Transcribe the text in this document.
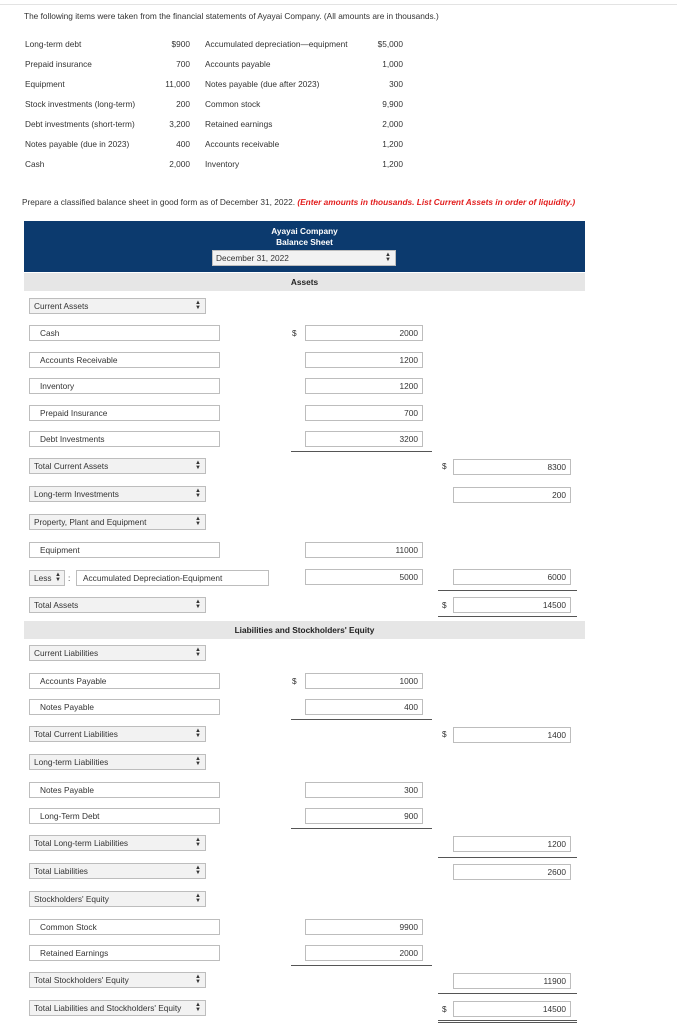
The following items were taken from the financial statements of Ayayai Company. (All amounts are in thousands.)
Long-term debt	$900 Accumulated depreciation—equipment	$5,000
Prepaid insurance	700 Accounts payable	1,000
Equipment	11,000 Notes payable (due after 2023)	300
Stock investments (long-term)	200 Common stock	9,900
Debt investments (short-term)	3,200 Retained earnings	2,000
Notes payable (due in 2023)	400 Accounts receivable	1,200
Cash	2,000 Inventory	1,200
Prepare a classified balance sheet in good form as of December 31, 2022. (Enter amounts in thousands. List Current Assets in order of liquidity.)
Ayayai Company
Balance Sheet
December 31, 2022	▲
▼
Assets
Current Assets	▲
▼
Cash	$	2000
Accounts Receivable	1200
Inventory	1200
Prepaid Insurance	700
Debt Investments	3200
Total Current Assets	▲
▼	$	8300
Long-term Investments	▲
▼	200
Property, Plant and Equipment	▲
▼
Equipment	11000
Less ▲
▼ :	Accumulated Depreciation-Equipment	5000	6000
Total Assets	▲
▼	$	14500
Liabilities and Stockholders' Equity
Current Liabilities	▲
▼
Accounts Payable	$	1000
Notes Payable	400
Total Current Liabilities	▲
▼	$	1400
Long-term Liabilities	▲
▼
Notes Payable	300
Long-Term Debt	900
Total Long-term Liabilities	▲
▼	1200
Total Liabilities	▲
▼	2600
Stockholders' Equity	▲
▼
Common Stock	9900
Retained Earnings	2000
Total Stockholders' Equity	▲
▼	11900
Total Liabilities and Stockholders' Equity ▲
▼	$	14500
